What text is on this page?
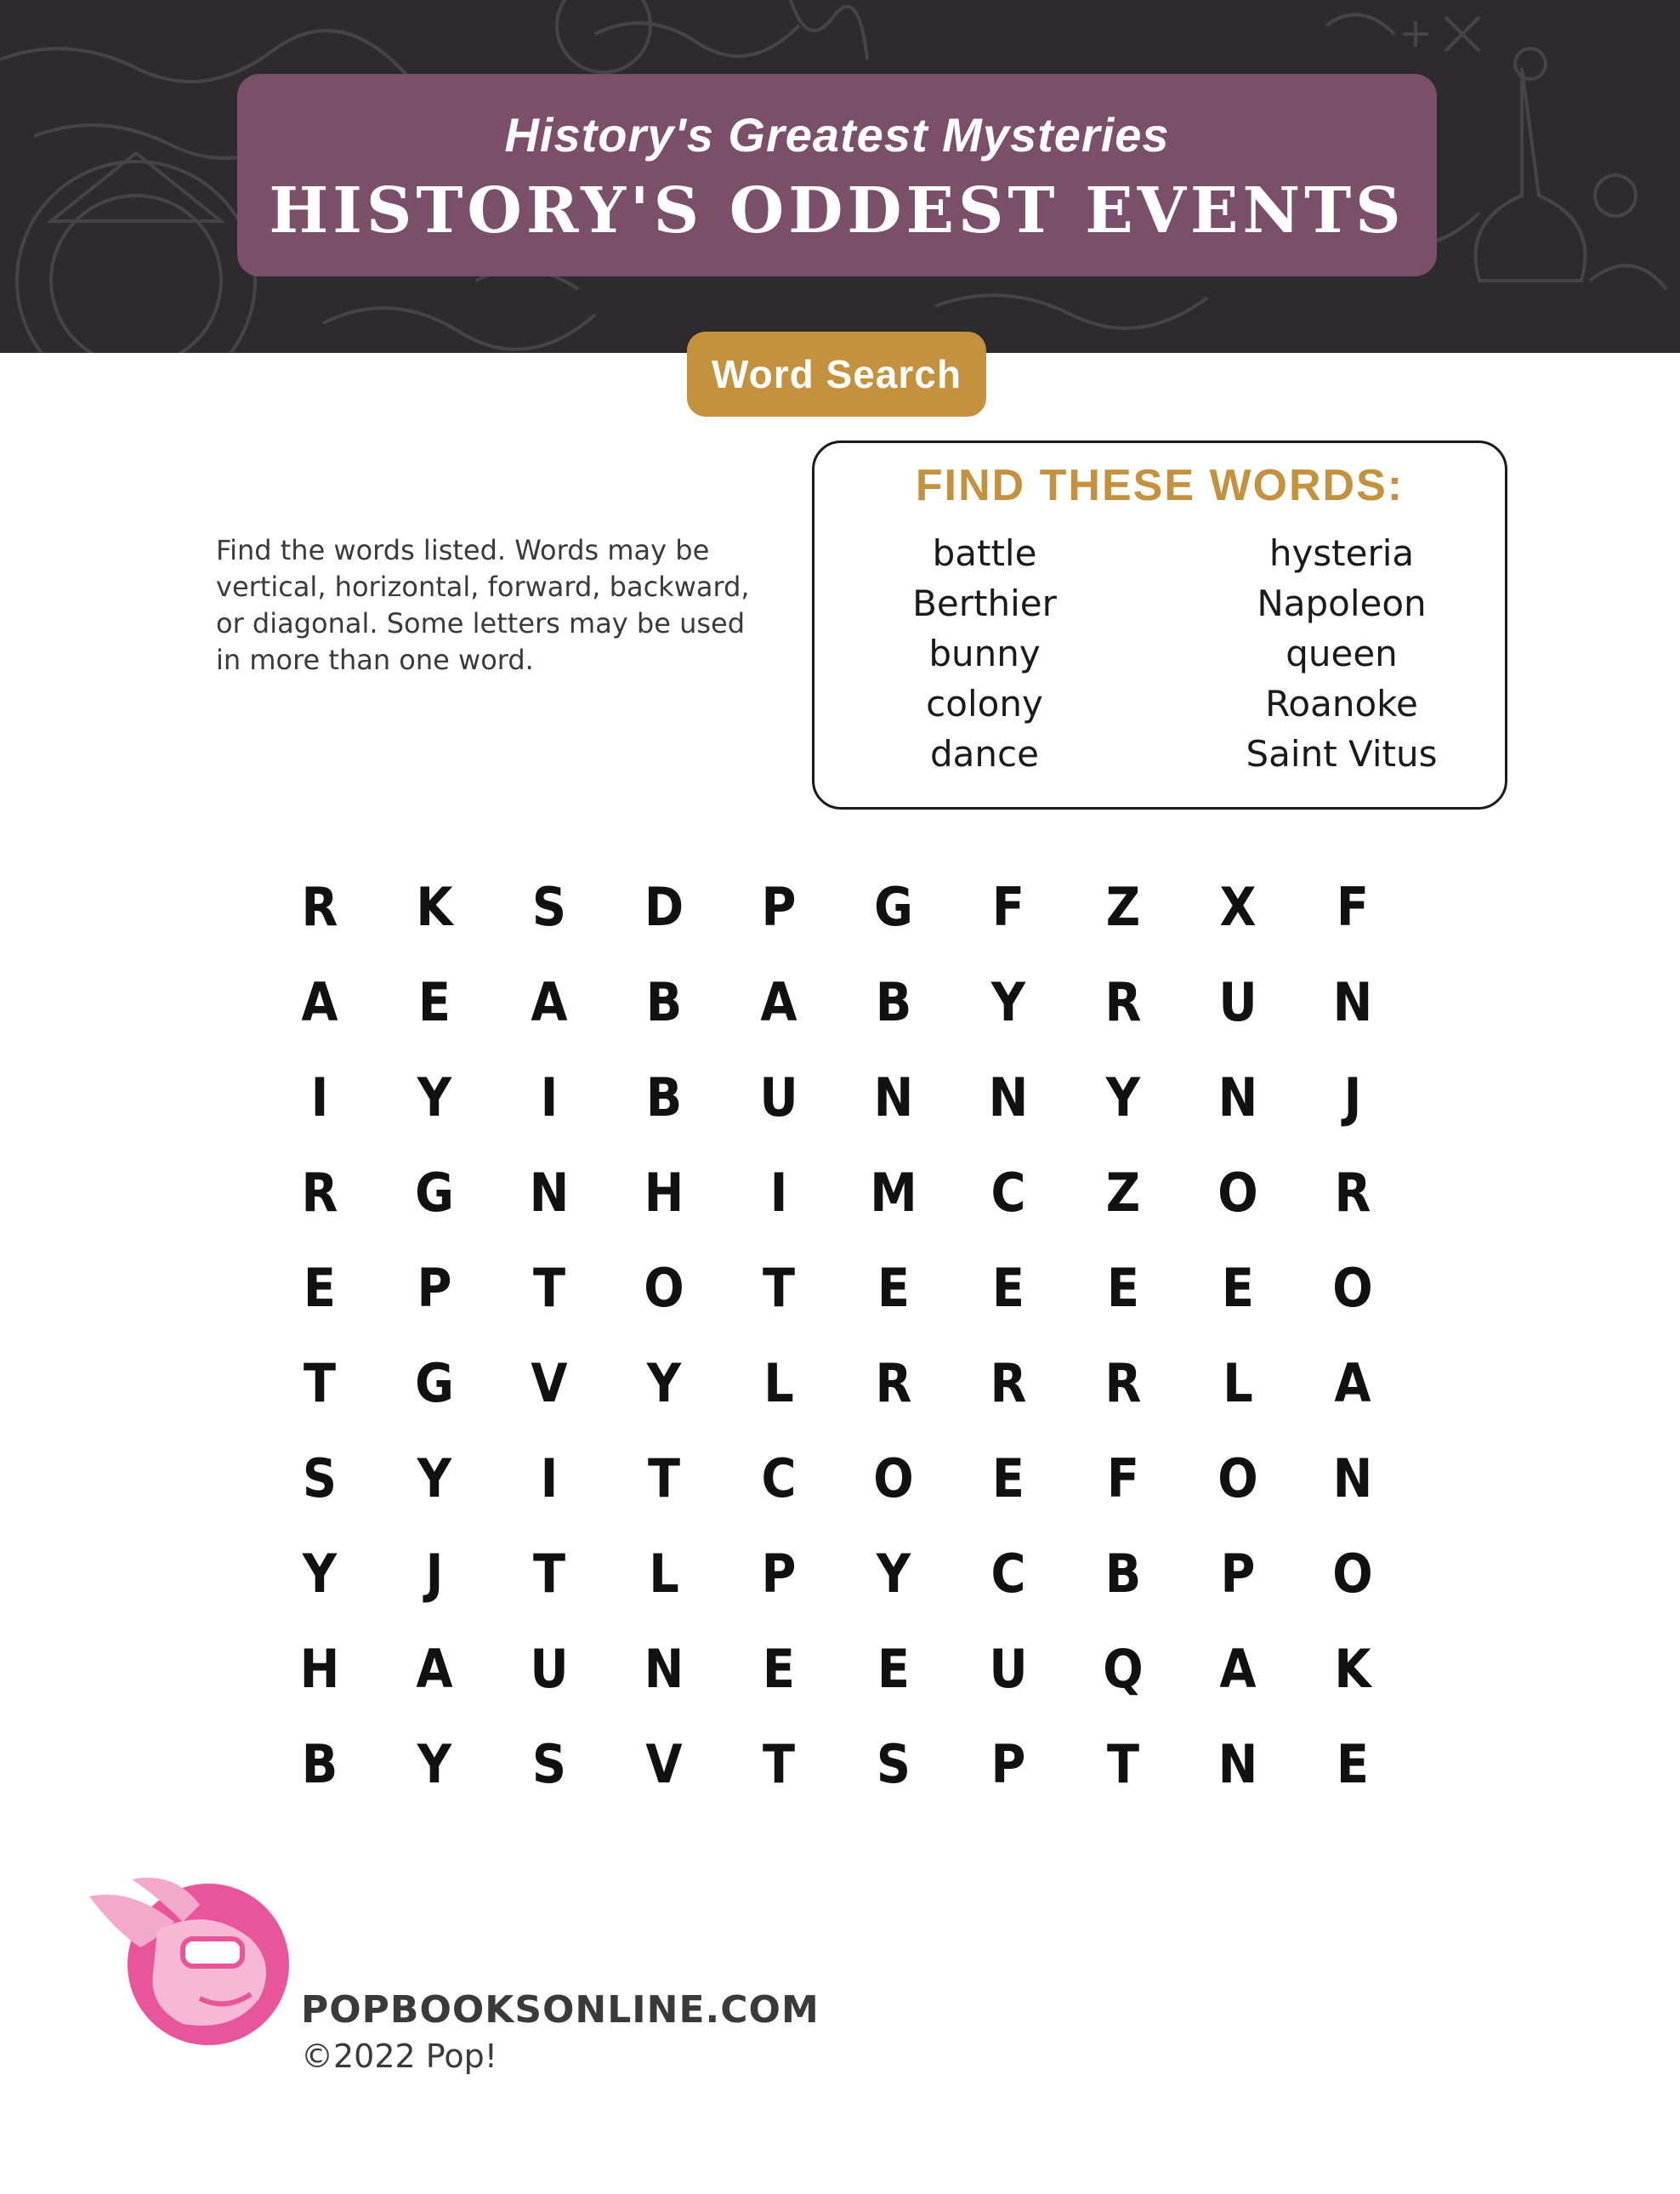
History's Greatest Mysteries
HISTORY'S ODDEST EVENTS
Word Search
Find the words listed. Words may be vertical, horizontal, forward, backward, or diagonal. Some letters may be used in more than one word.
FIND THESE WORDS:
battle
Berthier
bunny
colony
dance
hysteria
Napoleon
queen
Roanoke
Saint Vitus
R	K	S	D	P	G	F	Z	X	F
A	E	A	B	A	B	Y	R	U N
I	Y	I	B	U N N	Y	N	J
R	G N H	I	M	C	Z	O	R
E	P	T	O	T	E	E	E	E	O
T	G	V	Y	L	R	R	R	L	A
S	Y	I	T	C	O	E	F	O N
Y	J	T	L	P	Y	C	B	P	O
H	A	U N	E	E	U Q	A	K
B	Y	S	V	T	S	P	T	N	E
POPBOOKSONLINE.COM
©2022 Pop!
